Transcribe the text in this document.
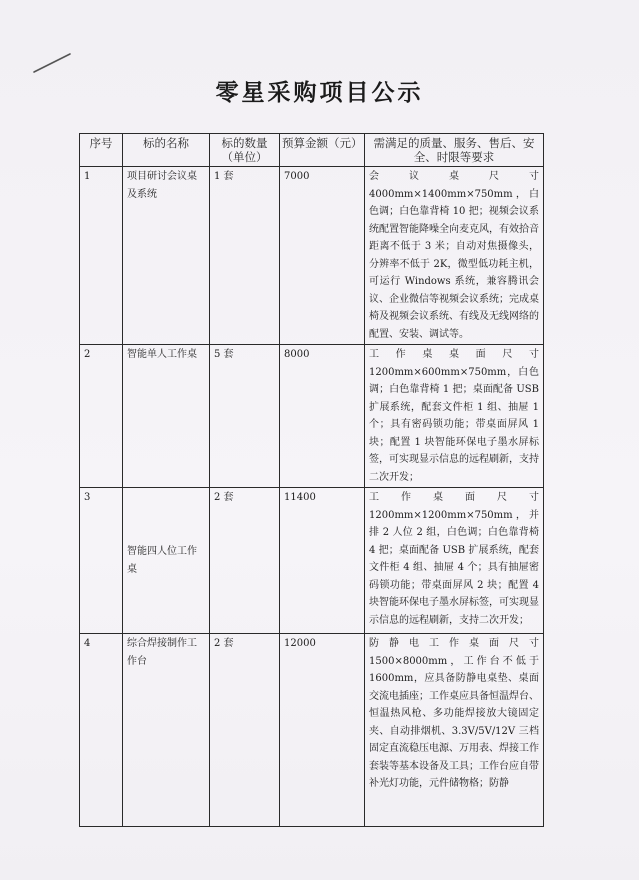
零星采购项目公示
序号	标的名称	标的数量（单位）	预算金额（元）	需满足的质量、服务、售后、安全、时限等要求
1	项目研讨会议桌及系统	1 套	7000	会议桌尺寸 4000mm×1400mm×750mm，白色调；白色靠背椅 10 把；视频会议系统配置智能降噪全向麦克风，有效拾音距离不低于 3 米；自动对焦摄像头，分辨率不低于 2K，微型低功耗主机，可运行 Windows 系统，兼容腾讯会议、企业微信等视频会议系统；完成桌椅及视频会议系统、有线及无线网络的配置、安装、调试等。
2	智能单人工作桌	5 套	8000	工作桌桌面尺寸 1200mm×600mm×750mm，白色调；白色靠背椅 1 把；桌面配备 USB 扩展系统，配套文件柜 1 组、抽屉 1 个；具有密码锁功能；带桌面屏风 1 块；配置 1 块智能环保电子墨水屏标签，可实现显示信息的远程刷新，支持二次开发；
3	智能四人位工作桌	2 套	11400	工作桌面尺寸 1200mm×1200mm×750mm，并排 2 人位 2 组，白色调；白色靠背椅 4 把；桌面配备 USB 扩展系统，配套文件柜 4 组、抽屉 4 个；具有抽屉密码锁功能；带桌面屏风 2 块；配置 4 块智能环保电子墨水屏标签，可实现显示信息的远程刷新，支持二次开发；
4	综合焊接制作工作台	2 套	12000	防静电工作桌面尺寸 1500×8000mm，工作台不低于 1600mm，应具备防静电桌垫、桌面交流电插座；工作桌应具备恒温焊台、恒温热风枪、多功能焊接放大镜固定夹、自动排烟机、3.3V/5V/12V 三档固定直流稳压电源、万用表、焊接工作套装等基本设备及工具；工作台应自带补光灯功能，元件储物格；防静
